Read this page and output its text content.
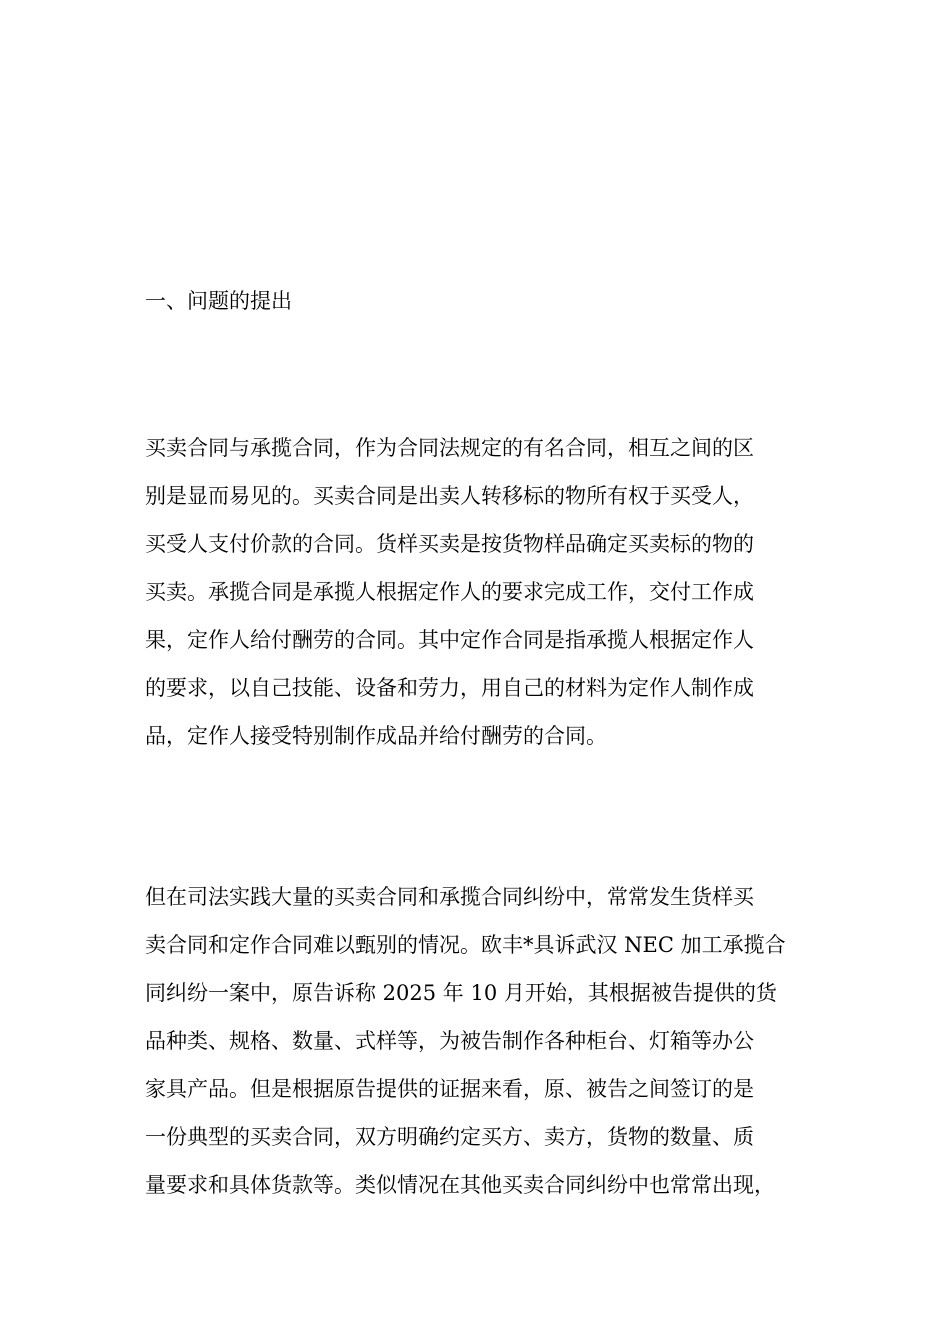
一、问题的提出
买卖合同与承揽合同，作为合同法规定的有名合同，相互之间的区
别是显而易见的。买卖合同是出卖人转移标的物所有权于买受人，
买受人支付价款的合同。货样买卖是按货物样品确定买卖标的物的
买卖。承揽合同是承揽人根据定作人的要求完成工作，交付工作成
果，定作人给付酬劳的合同。其中定作合同是指承揽人根据定作人
的要求，以自己技能、设备和劳力，用自己的材料为定作人制作成
品，定作人接受特别制作成品并给付酬劳的合同。
但在司法实践大量的买卖合同和承揽合同纠纷中，常常发生货样买
卖合同和定作合同难以甄别的情况。欧丰*具诉武汉 NEC 加工承揽合
同纠纷一案中，原告诉称 2025 年 10 月开始，其根据被告提供的货
品种类、规格、数量、式样等，为被告制作各种柜台、灯箱等办公
家具产品。但是根据原告提供的证据来看，原、被告之间签订的是
一份典型的买卖合同，双方明确约定买方、卖方，货物的数量、质
量要求和具体货款等。类似情况在其他买卖合同纠纷中也常常出现，
